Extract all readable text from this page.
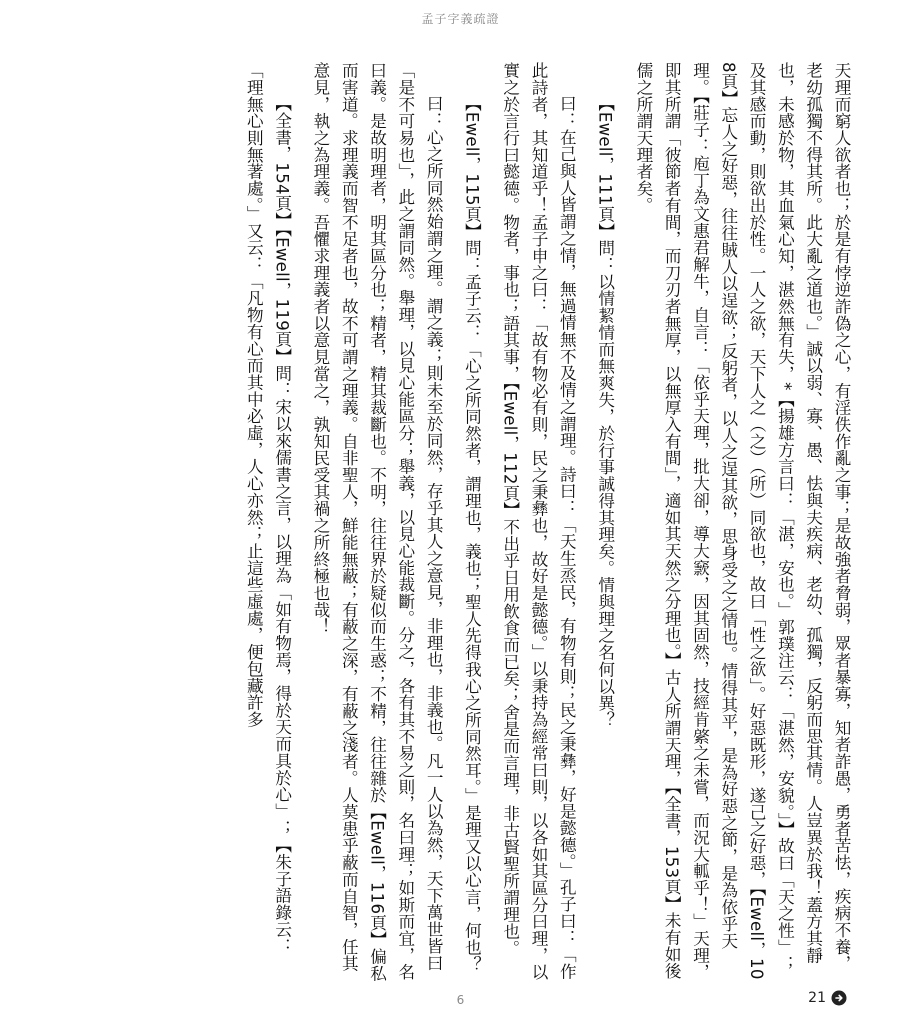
孟子字義疏證

天理而窮人欲者也；於是有悖逆詐偽之心，有淫佚作亂之事；是故強者脅弱，眾者暴寡，知者詐愚，勇者苦怯，疾病不養，老幼孤獨不得其所。此大亂之道也。」誠以弱、寡、愚、怯與夫疾病、老幼、孤獨，反躬而思其情。人豈異於我！蓋方其靜也，未感於物，其血氣心知，湛然無有失，*【揚雄方言曰：「湛，安也。」郭璞注云：「湛然，安貌。」】故曰「天之性」；及其感而動，則欲出於性。一人之欲，天下人之（之）（所）同欲也，故曰「性之欲」。好惡既形，遂己之好惡，【Ewell，108頁】忘人之好惡，往往賊人以逞欲；反躬者，以人之逞其欲，思身受之之情也。情得其平，是為好惡之節，是為依乎天理。【莊子：庖丁為文惠君解牛，自言：「依乎天理，批大卻，導大窾，因其固然，技經肯綮之未嘗，而況大軱乎！」天理，即其所謂「彼節者有間，而刀刃者無厚，以無厚入有間」，適如其天然之分理也。】古人所謂天理，【全書，153頁】未有如後儒之所謂天理者矣。

【Ewell，111頁】問：以情絜情而無爽失，於行事誠得其理矣。情與理之名何以異？

曰：在己與人皆謂之情，無過情無不及情之謂理。詩曰：「天生烝民，有物有則；民之秉彝，好是懿德。」孔子曰：「作此詩者，其知道乎！孟子申之曰：「故有物必有則，民之秉彝也，故好是懿德。」以秉持為經常曰則，以各如其區分曰理，以實之於言行曰懿德。物者，事也；語其事，【Ewell，112頁】不出乎日用飲食而已矣；舍是而言理，非古賢聖所謂理也。

【Ewell，115頁】問：孟子云：「心之所同然者，謂理也，義也；聖人先得我心之所同然耳。」是理又以心言，何也？

曰：心之所同然始謂之理。謂之義；則未至於同然，存乎其人之意見，非理也，非義也。凡一人以為然，天下萬世皆曰「是不可易也」，此之謂同然。舉理，以見心能區分；舉義，以見心能裁斷。分之，各有其不易之則，名曰理；如斯而宜，名曰義。是故明理者，明其區分也；精者，精其裁斷也。不明，往往界於疑似而生惑；不精，往往雜於【Ewell，116頁】偏私而害道。求理義而智不足者也，故不可謂之理義。自非聖人，鮮能無蔽；有蔽之深，有蔽之淺者。人莫患乎蔽而自智，任其意見，執之為理義。吾懼求理義者以意見當之，孰知民受其禍之所終極也哉！

【全書，154頁】【Ewell，119頁】問：宋以來儒書之言，以理為「如有物焉，得於天而具於心」；【朱子語錄云：「理無心則無著處。」又云：「凡物有心而其中必虛，人心亦然；止這些虛處，便包藏許多

6	21
